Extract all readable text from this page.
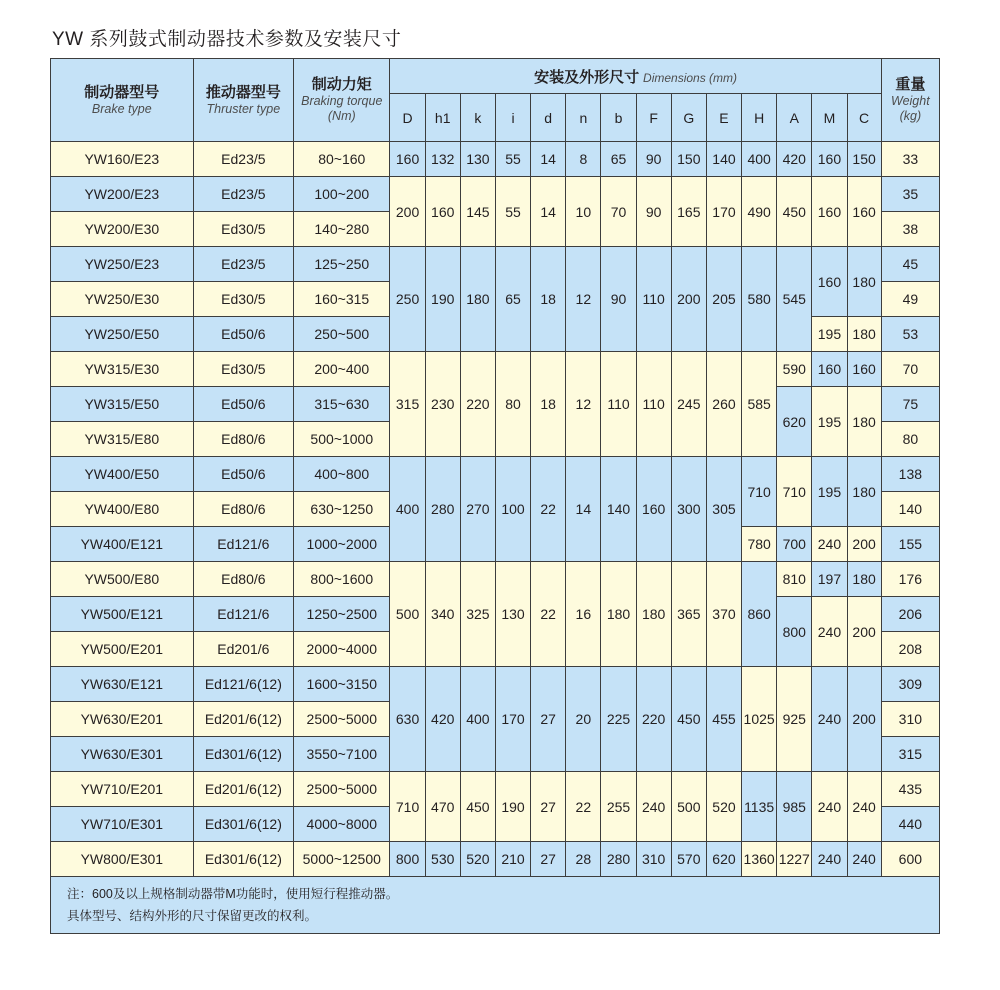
YW 系列鼓式制动器技术参数及安装尺寸
制动器型号
Brake type	推动器型号
Thruster type	制动力矩
Braking torque
(Nm)	安装及外形尺寸 Dimensions (mm)														重量
Weight
(kg)

			D	h1	k	i	d	n	b	F	G	E	H	A	M	C	
YW160/E23	Ed23/5	80~160	160	132	130	55	14	8	65	90	150	140	400	420	160	150	33
YW200/E23	Ed23/5	100~200	200	160	145	55	14	10	70	90	165	170	490	450	160	160	35
YW200/E30	Ed30/5	140~280															38
YW250/E23	Ed23/5	125~250	250	190	180	65	18	12	90	110	200	205	580	545	160	180	45
YW250/E30	Ed30/5	160~315															49
YW250/E50	Ed50/6	250~500													195	180	53
YW315/E30	Ed30/5	200~400	315	230	220	80	18	12	110	110	245	260	585	590	160	160	70
YW315/E50	Ed50/6	315~630												620	195	180	75
YW315/E80	Ed80/6	500~1000															80
YW400/E50	Ed50/6	400~800	400	280	270	100	22	14	140	160	300	305	710	710	195	180	138
YW400/E80	Ed80/6	630~1250															140
YW400/E121	Ed121/6	1000~2000											780	700	240	200	155
YW500/E80	Ed80/6	800~1600	500	340	325	130	22	16	180	180	365	370	860	810	197	180	176
YW500/E121	Ed121/6	1250~2500												800	240	200	206
YW500/E201	Ed201/6	2000~4000															208
YW630/E121	Ed121/6(12)	1600~3150	630	420	400	170	27	20	225	220	450	455	1025	925	240	200	309
YW630/E201	Ed201/6(12)	2500~5000															310
YW630/E301	Ed301/6(12)	3550~7100															315
YW710/E201	Ed201/6(12)	2500~5000	710	470	450	190	27	22	255	240	500	520	1135	985	240	240	435
YW710/E301	Ed301/6(12)	4000~8000															440
YW800/E301	Ed301/6(12)	5000~12500	800	530	520	210	27	28	280	310	570	620	1360	1227	240	240	600

注：600及以上规格制动器带M功能时，使用短行程推动器。
具体型号、结构外形的尺寸保留更改的权利。																	
